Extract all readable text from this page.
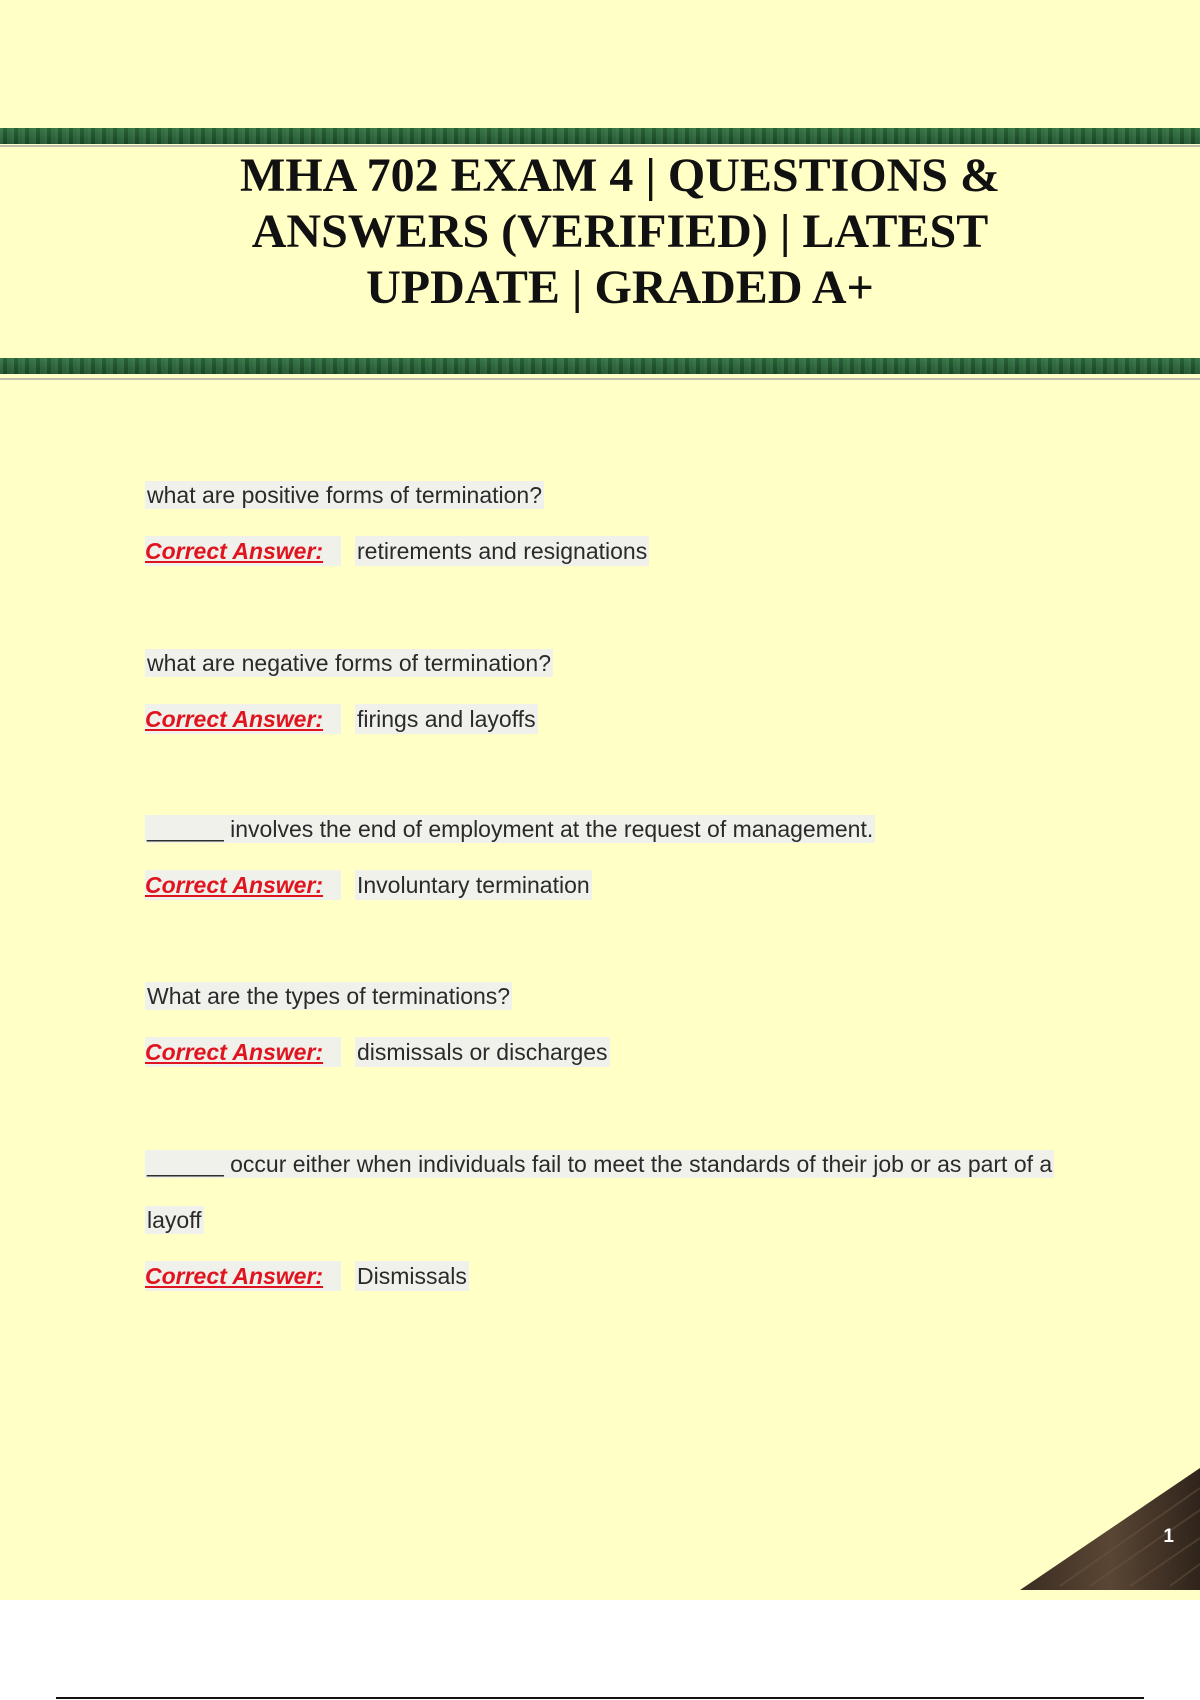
MHA 702 EXAM 4 | QUESTIONS & ANSWERS (VERIFIED) | LATEST UPDATE | GRADED A+
what are positive forms of termination?
Correct Answer: retirements and resignations
what are negative forms of termination?
Correct Answer: firings and layoffs
______ involves the end of employment at the request of management.
Correct Answer: Involuntary termination
What are the types of terminations?
Correct Answer: dismissals or discharges
______ occur either when individuals fail to meet the standards of their job or as part of a
layoff
Correct Answer: Dismissals
1
